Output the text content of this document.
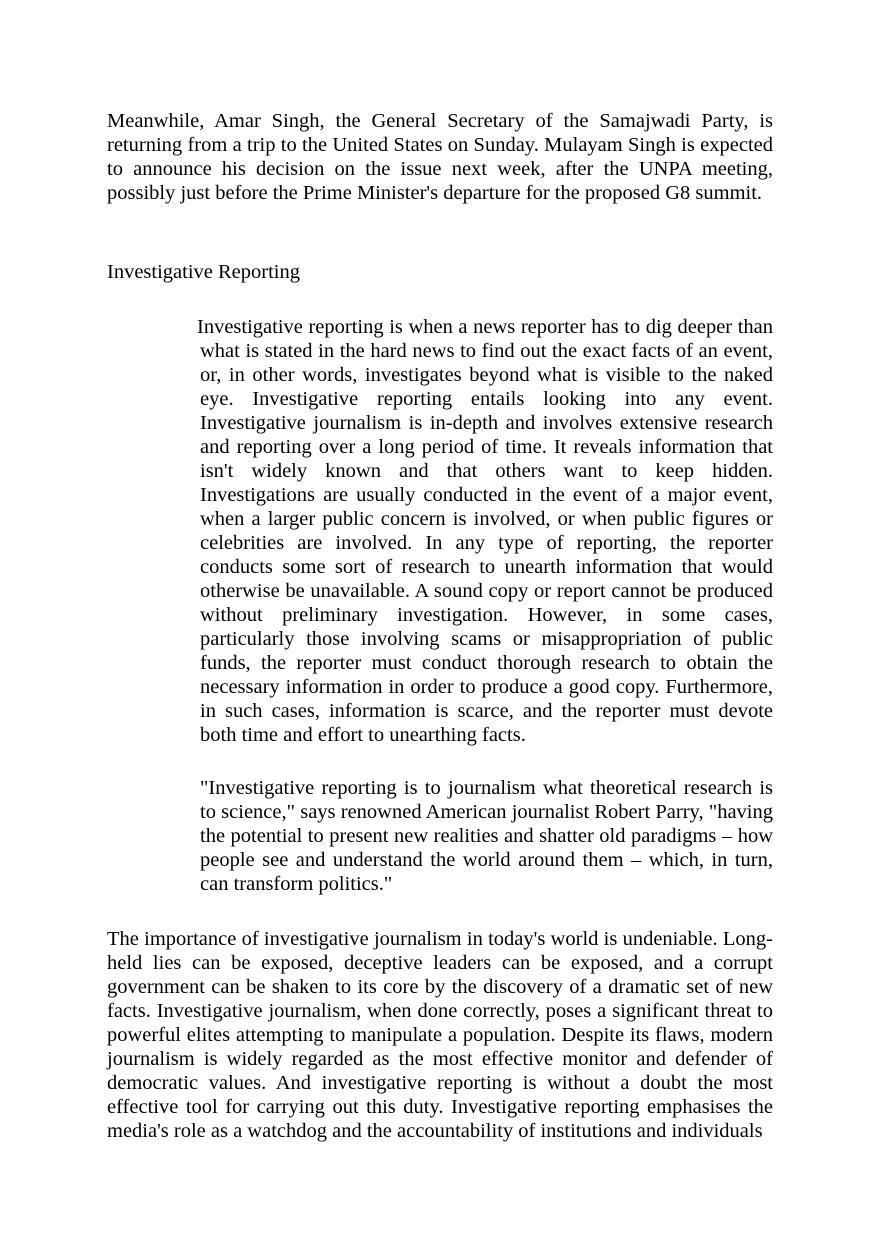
Meanwhile, Amar Singh, the General Secretary of the Samajwadi Party, is returning from a trip to the United States on Sunday. Mulayam Singh is expected to announce his decision on the issue next week, after the UNPA meeting, possibly just before the Prime Minister's departure for the proposed G8 summit.

Investigative Reporting

Investigative reporting is when a news reporter has to dig deeper than what is stated in the hard news to find out the exact facts of an event, or, in other words, investigates beyond what is visible to the naked eye. Investigative reporting entails looking into any event. Investigative journalism is in-depth and involves extensive research and reporting over a long period of time. It reveals information that isn't widely known and that others want to keep hidden. Investigations are usually conducted in the event of a major event, when a larger public concern is involved, or when public figures or celebrities are involved. In any type of reporting, the reporter conducts some sort of research to unearth information that would otherwise be unavailable. A sound copy or report cannot be produced without preliminary investigation. However, in some cases, particularly those involving scams or misappropriation of public funds, the reporter must conduct thorough research to obtain the necessary information in order to produce a good copy. Furthermore, in such cases, information is scarce, and the reporter must devote both time and effort to unearthing facts.

"Investigative reporting is to journalism what theoretical research is to science," says renowned American journalist Robert Parry, "having the potential to present new realities and shatter old paradigms – how people see and understand the world around them – which, in turn, can transform politics."

The importance of investigative journalism in today's world is undeniable. Long-held lies can be exposed, deceptive leaders can be exposed, and a corrupt government can be shaken to its core by the discovery of a dramatic set of new facts. Investigative journalism, when done correctly, poses a significant threat to powerful elites attempting to manipulate a population. Despite its flaws, modern journalism is widely regarded as the most effective monitor and defender of democratic values. And investigative reporting is without a doubt the most effective tool for carrying out this duty. Investigative reporting emphasises the media's role as a watchdog and the accountability of institutions and individuals
